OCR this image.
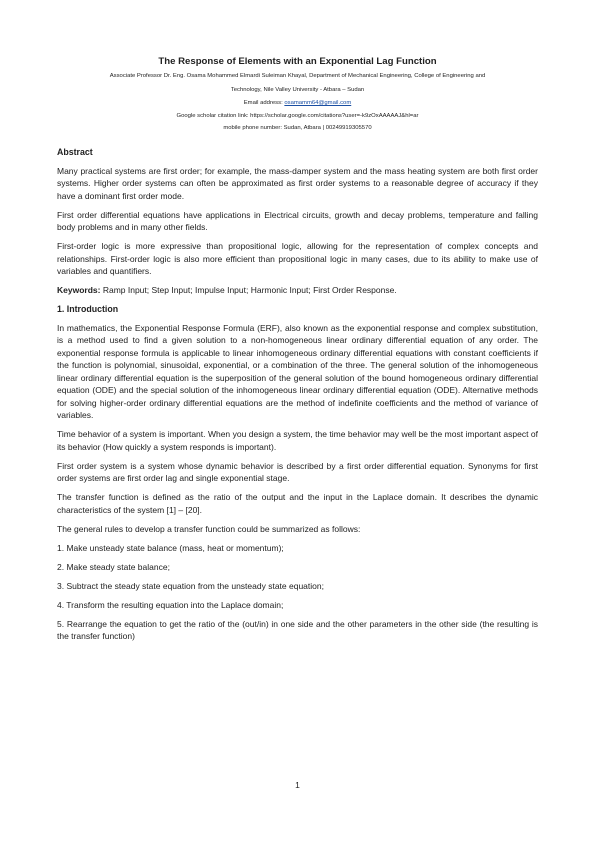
The Response of Elements with an Exponential Lag Function

Associate Professor Dr. Eng. Osama Mohammed Elmardi Suleiman Khayal, Department of Mechanical Engineering, College of Engineering and

Technology, Nile Valley University - Atbara – Sudan

Email address: osamamm64@gmail.com

Google scholar citation link: https://scholar.google.com/citations?user=-k9zOxAAAAAJ&hl=ar

mobile phone number: Sudan, Atbara | 00249919305570

Abstract

Many practical systems are first order; for example, the mass-damper system and the mass heating system are both first order systems. Higher order systems can often be approximated as first order systems to a reasonable degree of accuracy if they have a dominant first order mode.

First order differential equations have applications in Electrical circuits, growth and decay problems, temperature and falling body problems and in many other fields.

First-order logic is more expressive than propositional logic, allowing for the representation of complex concepts and relationships. First-order logic is also more efficient than propositional logic in many cases, due to its ability to make use of variables and quantifiers.

Keywords: Ramp Input; Step Input; Impulse Input; Harmonic Input; First Order Response.

1. Introduction

In mathematics, the Exponential Response Formula (ERF), also known as the exponential response and complex substitution, is a method used to find a given solution to a non-homogeneous linear ordinary differential equation of any order. The exponential response formula is applicable to linear inhomogeneous ordinary differential equations with constant coefficients if the function is polynomial, sinusoidal, exponential, or a combination of the three. The general solution of the inhomogeneous linear ordinary differential equation is the superposition of the general solution of the bound homogeneous ordinary differential equation (ODE) and the special solution of the inhomogeneous linear ordinary differential equation (ODE). Alternative methods for solving higher-order ordinary differential equations are the method of indefinite coefficients and the method of variance of variables.

Time behavior of a system is important. When you design a system, the time behavior may well be the most important aspect of its behavior (How quickly a system responds is important).

First order system is a system whose dynamic behavior is described by a first order differential equation. Synonyms for first order systems are first order lag and single exponential stage.

The transfer function is defined as the ratio of the output and the input in the Laplace domain. It describes the dynamic characteristics of the system [1] – [20].

The general rules to develop a transfer function could be summarized as follows:

1. Make unsteady state balance (mass, heat or momentum);

2. Make steady state balance;

3. Subtract the steady state equation from the unsteady state equation;

4. Transform the resulting equation into the Laplace domain;

5. Rearrange the equation to get the ratio of the (out/in) in one side and the other parameters in the other side (the resulting is the transfer function)

1
